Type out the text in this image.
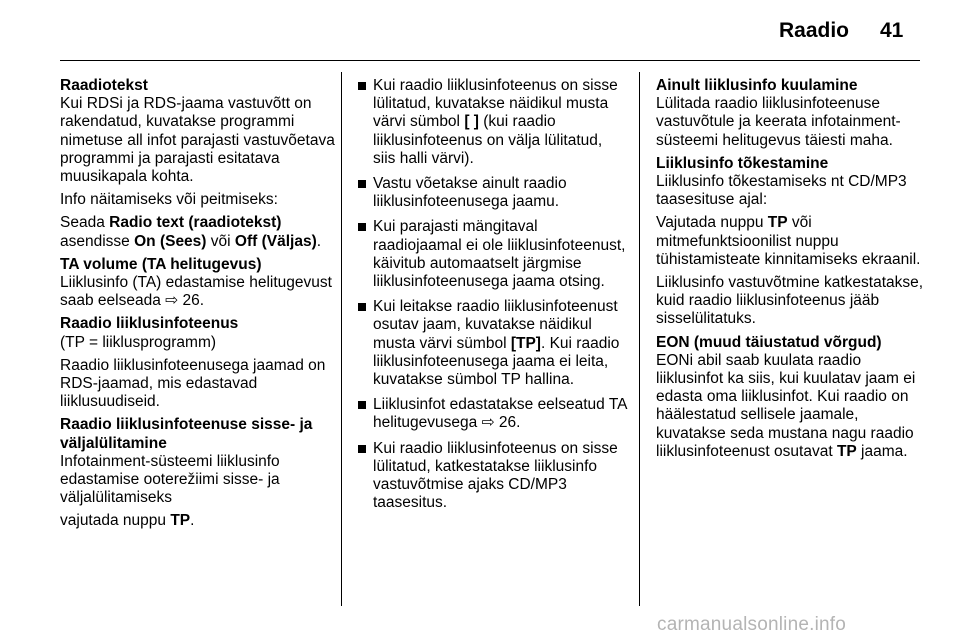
Raadio 41
Raadiotekst

Kui RDSi ja RDS-jaama vastuvõtt on rakendatud, kuvatakse programmi nimetuse all infot parajasti vastuvõetava programmi ja parajasti esitatava muusikapala kohta.

Info näitamiseks või peitmiseks:

Seada Radio text (raadiotekst)
asendisse On (Sees) või Off (Väljas).

TA volume (TA helitugevus)

Liiklusinfo (TA) edastamise helitugevust saab eelseada ⇨ 26.

Raadio liiklusinfoteenus

(TP = liiklusprogramm)

Raadio liiklusinfoteenusega jaamad on RDS-jaamad, mis edastavad liiklusuudiseid.

Raadio liiklusinfoteenuse sisse- ja väljalülitamine

Infotainment-süsteemi liiklusinfo edastamise ooterežiimi sisse- ja väljalülitamiseks

vajutada nuppu TP.

Kui raadio liiklusinfoteenus on sisse lülitatud, kuvatakse näidikul musta värvi sümbol [ ] (kui raadio liiklusinfoteenus on välja lülitatud, siis halli värvi).
Vastu võetakse ainult raadio liiklusinfoteenusega jaamu.
Kui parajasti mängitaval raadiojaamal ei ole liiklusinfoteenust, käivitub automaatselt järgmise liiklusinfoteenusega jaama otsing.
Kui leitakse raadio liiklusinfoteenust osutav jaam, kuvatakse näidikul musta värvi sümbol [TP]. Kui raadio liiklusinfoteenusega jaama ei leita, kuvatakse sümbol TP hallina.
Liiklusinfot edastatakse eelseatud TA helitugevusega ⇨ 26.
Kui raadio liiklusinfoteenus on sisse lülitatud, katkestatakse liiklusinfo vastuvõtmise ajaks CD/MP3 taasesitus.
Ainult liiklusinfo kuulamine

Lülitada raadio liiklusinfoteenuse vastuvõtule ja keerata infotainment-süsteemi helitugevus täiesti maha.

Liiklusinfo tõkestamine

Liiklusinfo tõkestamiseks nt CD/MP3 taasesituse ajal:

Vajutada nuppu TP või mitmefunktsioonilist nuppu tühistamisteate kinnitamiseks ekraanil.

Liiklusinfo vastuvõtmine katkestatakse, kuid raadio liiklusinfoteenus jääb sisselülitatuks.

EON (muud täiustatud võrgud)

EONi abil saab kuulata raadio liiklusinfot ka siis, kui kuulatav jaam ei edasta oma liiklusinfot. Kui raadio on häälestatud sellisele jaamale, kuvatakse seda mustana nagu raadio liiklusinfoteenust osutavat TP jaama.

carmanualsonline.info
